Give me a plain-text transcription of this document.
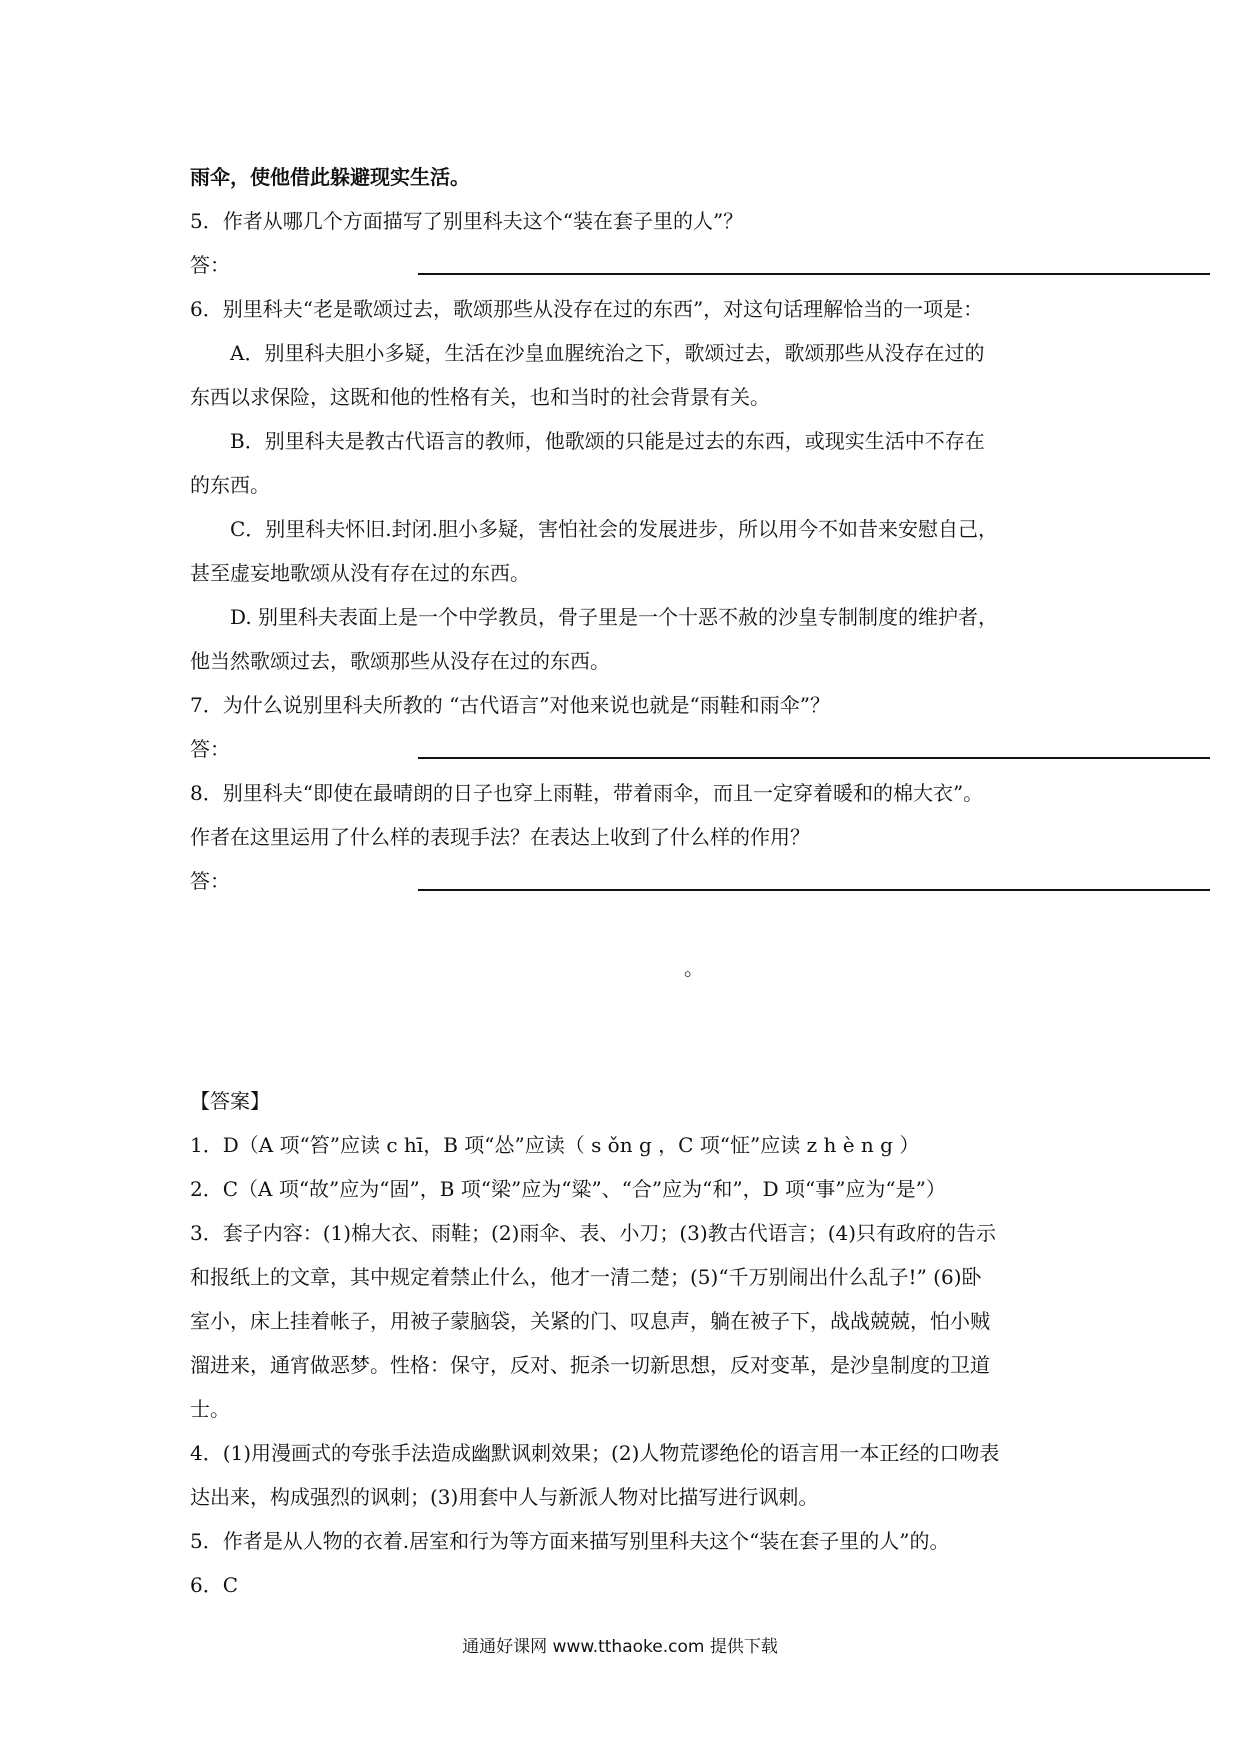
雨伞，使他借此躲避现实生活。
5．作者从哪几个方面描写了别里科夫这个“装在套子里的人”？
答：
6．别里科夫“老是歌颂过去，歌颂那些从没存在过的东西”，对这句话理解恰当的一项是：
A．别里科夫胆小多疑，生活在沙皇血腥统治之下，歌颂过去，歌颂那些从没存在过的
东西以求保险，这既和他的性格有关，也和当时的社会背景有关。
B．别里科夫是教古代语言的教师，他歌颂的只能是过去的东西，或现实生活中不存在
的东西。
C．别里科夫怀旧.封闭.胆小多疑，害怕社会的发展进步，所以用今不如昔来安慰自己，
甚至虚妄地歌颂从没有存在过的东西。
D. 别里科夫表面上是一个中学教员，骨子里是一个十恶不赦的沙皇专制制度的维护者，
他当然歌颂过去，歌颂那些从没存在过的东西。
7．为什么说别里科夫所教的 “古代语言”对他来说也就是“雨鞋和雨伞”？
答：
8．别里科夫“即使在最晴朗的日子也穿上雨鞋，带着雨伞，而且一定穿着暖和的棉大衣”。
作者在这里运用了什么样的表现手法？在表达上收到了什么样的作用？
答：
。
【答案】
1．D（A 项“笞”应读 c hī，B 项“怂”应读（ s ǒn g ，C 项“怔”应读 z h è n g ）
2．C（A 项“故”应为“固”，B 项“梁”应为“粱”、“合”应为“和”，D 项“事”应为“是”）
3．套子内容：(1)棉大衣、雨鞋；(2)雨伞、表、小刀；(3)教古代语言；(4)只有政府的告示
和报纸上的文章，其中规定着禁止什么，他才一清二楚；(5)“千万别闹出什么乱子!” (6)卧
室小，床上挂着帐子，用被子蒙脑袋，关紧的门、叹息声，躺在被子下，战战兢兢，怕小贼
溜进来，通宵做恶梦。性格：保守，反对、扼杀一切新思想，反对变革，是沙皇制度的卫道
士。
4．(1)用漫画式的夸张手法造成幽默讽刺效果；(2)人物荒谬绝伦的语言用一本正经的口吻表
达出来，构成强烈的讽刺；(3)用套中人与新派人物对比描写进行讽刺。
5．作者是从人物的衣着.居室和行为等方面来描写别里科夫这个“装在套子里的人”的。
6．C
通通好课网 www.tthaoke.com 提供下载
